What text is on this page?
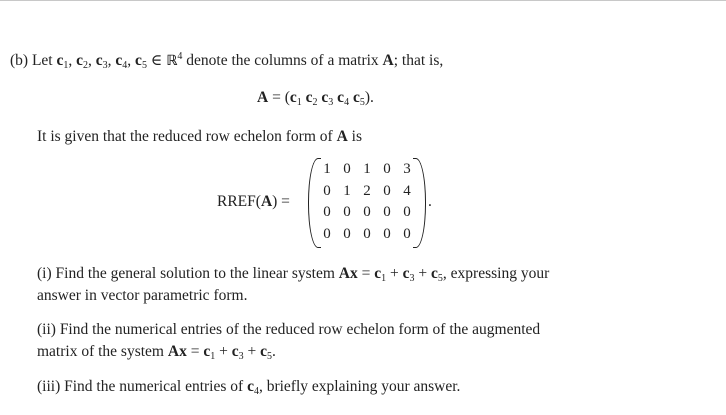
(b) Let $c_1$, $c_2$, $c_3$, $c_4$, $c_5$ ∈ ℝ$^4$ denote the columns of a matrix A; that is,
$A = (c_1$ $c_2$ $c_3$ $c_4$ $c_5$).
It is given that the reduced row echelon form of A is
RREF(A) =
1 0 1 0 3
0 1 2 0 4
0 0 0 0 0
0 0 0 0 0
.
(i) Find the general solution to the linear system $Ax = c_1 + c_3 + c_5$, expressing your
answer in vector parametric form.
(ii) Find the numerical entries of the reduced row echelon form of the augmented
matrix of the system $Ax = c_1 + c_3 + c_5$.
(iii) Find the numerical entries of $c_4$, briefly explaining your answer.
